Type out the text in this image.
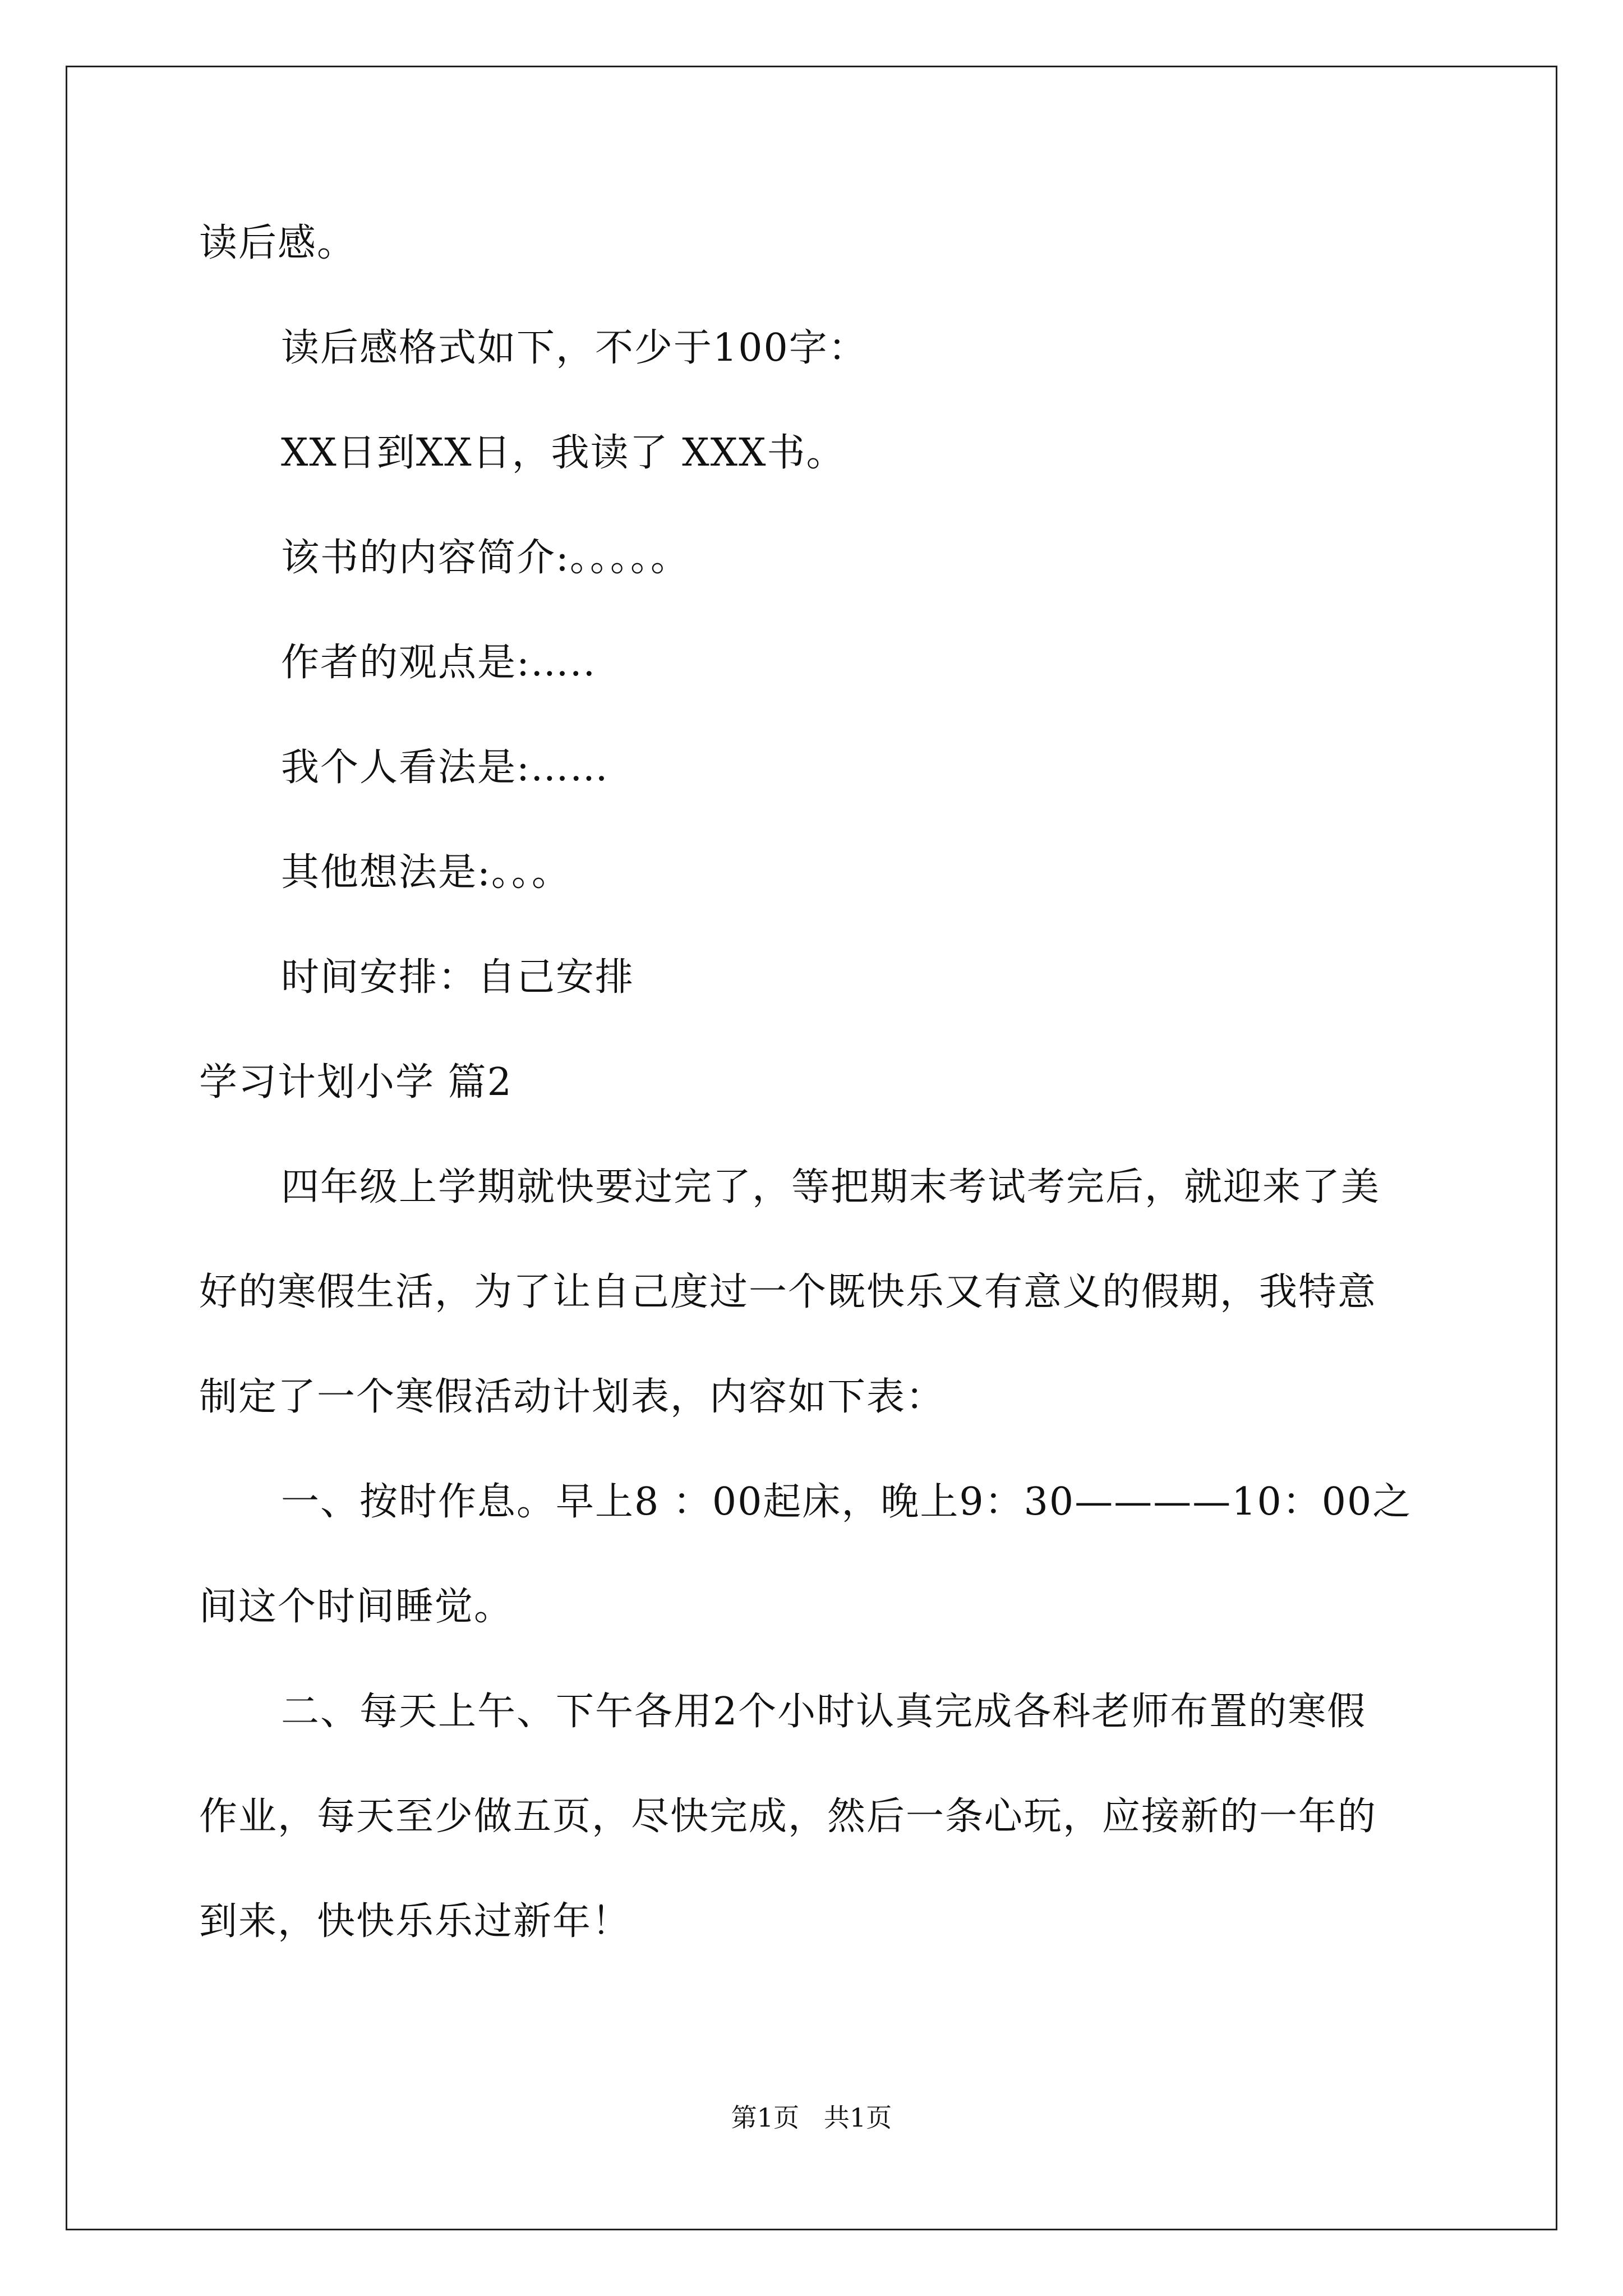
读后感。
读后感格式如下，不少于100字：
XX日到XX日，我读了 XXX书。
该书的内容简介:。。。。。
作者的观点是:…..
我个人看法是:……
其他想法是:。。。
时间安排：自己安排
学习计划小学 篇2
四年级上学期就快要过完了，等把期末考试考完后，就迎来了美
好的寒假生活，为了让自己度过一个既快乐又有意义的假期，我特意
制定了一个寒假活动计划表，内容如下表：
一、按时作息。早上8 ：00起床，晚上9：30————10：00之
间这个时间睡觉。
二、每天上午、下午各用2个小时认真完成各科老师布置的寒假
作业，每天至少做五页，尽快完成，然后一条心玩，应接新的一年的
到来，快快乐乐过新年！
第1页   共1页
